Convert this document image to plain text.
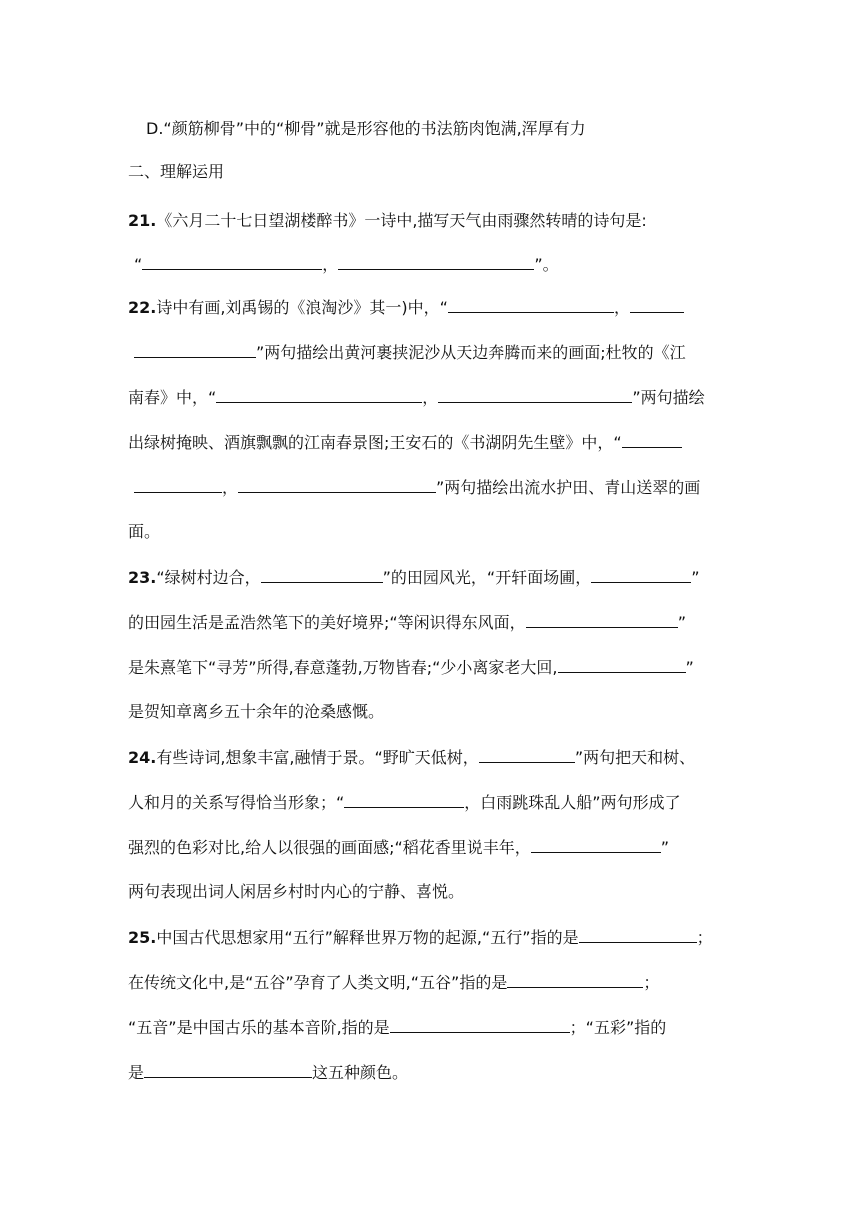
D.“颜筋柳骨”中的“柳骨”就是形容他的书法筋肉饱满,浑厚有力
二、理解运用
21.《六月二十七日望湖楼醉书》一诗中,描写天气由雨骤然转晴的诗句是:
“	，	”。
22.诗中有画,刘禹锡的《浪淘沙》其一)中，“	，
”两句描绘出黄河裹挟泥沙从天边奔腾而来的画面;杜牧的《江
南春》中，“	，	”两句描绘
出绿树掩映、酒旗飘飘的江南春景图;王安石的《书湖阴先生壁》中，“
，	”两句描绘出流水护田、青山送翠的画
面。
23.“绿树村边合，	”的田园风光，“开轩面场圃，	”
的田园生活是孟浩然笔下的美好境界;“等闲识得东风面，	”
是朱熹笔下“寻芳”所得,春意蓬勃,万物皆春;“少小离家老大回,	”
是贺知章离乡五十余年的沧桑感慨。
24.有些诗词,想象丰富,融情于景。“野旷天低树，	”两句把天和树、
人和月的关系写得恰当形象；“	，白雨跳珠乱人船”两句形成了
强烈的色彩对比,给人以很强的画面感;“稻花香里说丰年，	”
两句表现出词人闲居乡村时内心的宁静、喜悦。
25.中国古代思想家用“五行”解释世界万物的起源,“五行”指的是	；
在传统文化中,是“五谷”孕育了人类文明,“五谷”指的是	；
“五音”是中国古乐的基本音阶,指的是	；“五彩”指的
是	这五种颜色。
